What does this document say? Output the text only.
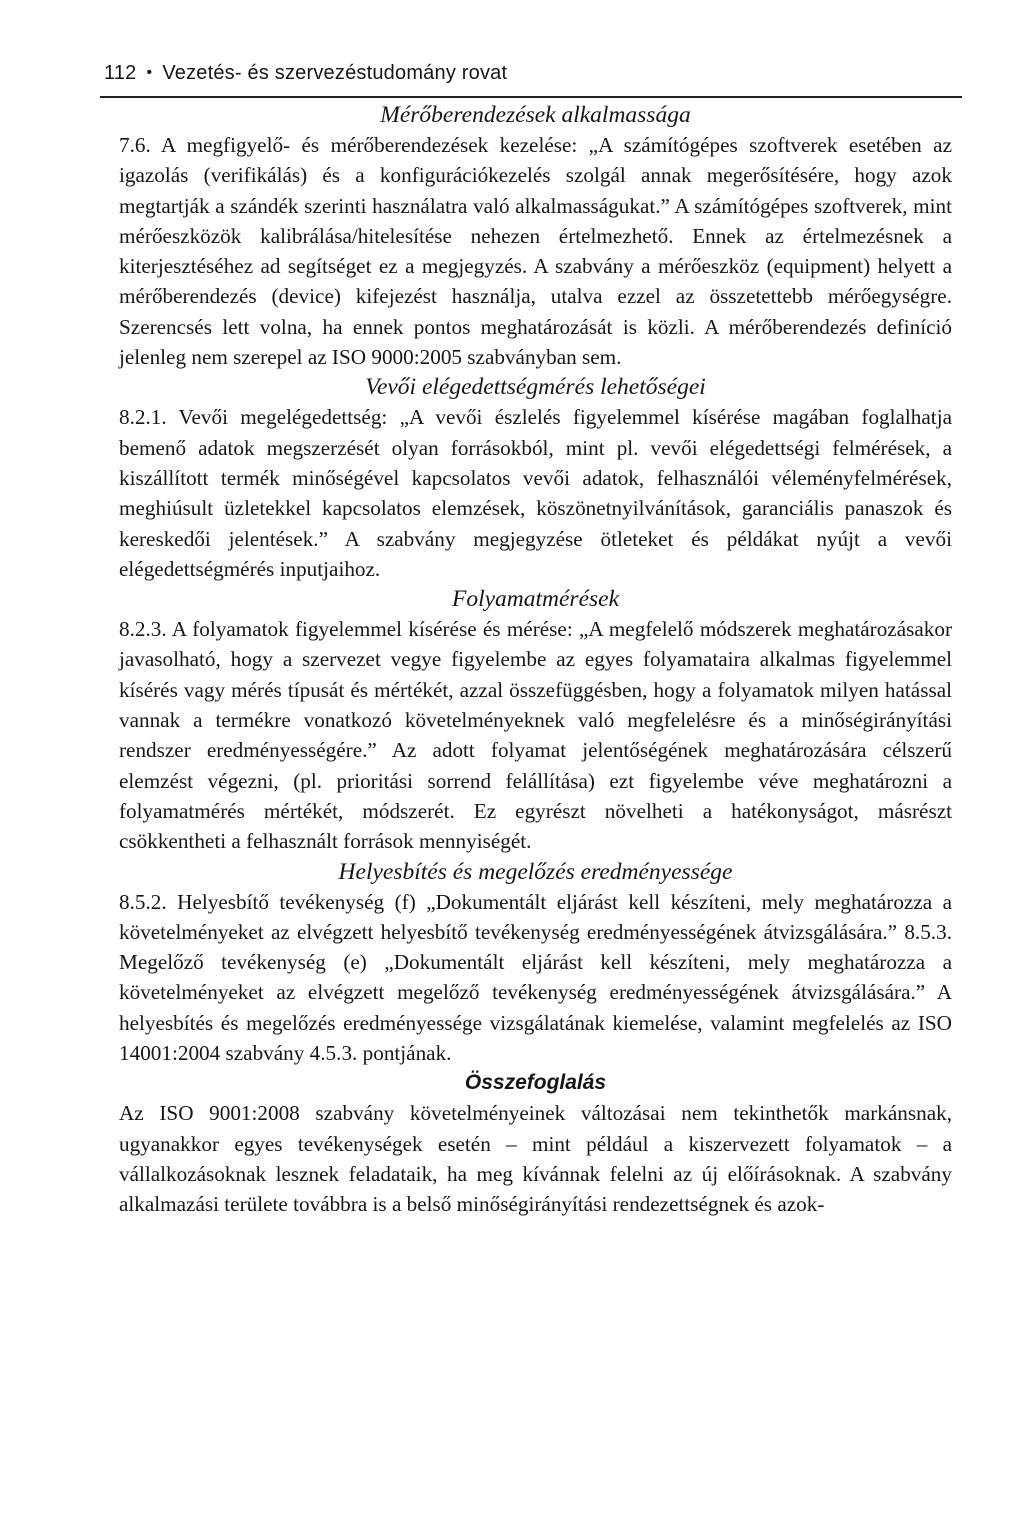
112 • Vezetés- és szervezéstudomány rovat
Mérőberendezések alkalmassága

7.6. A megfigyelő- és mérőberendezések kezelése: „A számítógépes szoftverek esetében az igazolás (verifikálás) és a konfigurációkezelés szolgál annak megerősítésére, hogy azok megtartják a szándék szerinti használatra való alkalmasságukat.” A számítógépes szoftverek, mint mérőeszközök kalibrálása/hitelesítése nehezen értelmezhető. Ennek az értelmezésnek a kiterjesztéséhez ad segítséget ez a megjegyzés. A szabvány a mérőeszköz (equipment) helyett a mérőberendezés (device) kifejezést használja, utalva ezzel az összetettebb mérőegységre. Szerencsés lett volna, ha ennek pontos meghatározását is közli. A mérőberendezés definíció jelenleg nem szerepel az ISO 9000:2005 szabványban sem.

Vevői elégedettségmérés lehetőségei

8.2.1. Vevői megelégedettség: „A vevői észlelés figyelemmel kísérése magában foglalhatja bemenő adatok megszerzését olyan forrásokból, mint pl. vevői elégedettségi felmérések, a kiszállított termék minőségével kapcsolatos vevői adatok, felhasználói véleményfelmérések, meghiúsult üzletekkel kapcsolatos elemzések, köszönetnyilvánítások, garanciális panaszok és kereskedői jelentések.” A szabvány megjegyzése ötleteket és példákat nyújt a vevői elégedettségmérés inputjaihoz.

Folyamatmérések

8.2.3. A folyamatok figyelemmel kísérése és mérése: „A megfelelő módszerek meghatározásakor javasolható, hogy a szervezet vegye figyelembe az egyes folyamataira alkalmas figyelemmel kísérés vagy mérés típusát és mértékét, azzal összefüggésben, hogy a folyamatok milyen hatással vannak a termékre vonatkozó követelményeknek való megfelelésre és a minőségirányítási rendszer eredményességére.” Az adott folyamat jelentőségének meghatározására célszerű elemzést végezni, (pl. prioritási sorrend felállítása) ezt figyelembe véve meghatározni a folyamatmérés mértékét, módszerét. Ez egyrészt növelheti a hatékonyságot, másrészt csökkentheti a felhasznált források mennyiségét.

Helyesbítés és megelőzés eredményessége

8.5.2. Helyesbítő tevékenység (f) „Dokumentált eljárást kell készíteni, mely meghatározza a követelményeket az elvégzett helyesbítő tevékenység eredményességének átvizsgálására.” 8.5.3. Megelőző tevékenység (e) „Dokumentált eljárást kell készíteni, mely meghatározza a követelményeket az elvégzett megelőző tevékenység eredményességének átvizsgálására.” A helyesbítés és megelőzés eredményessége vizsgálatának kiemelése, valamint megfelelés az ISO 14001:2004 szabvány 4.5.3. pontjának.

Összefoglalás

Az ISO 9001:2008 szabvány követelményeinek változásai nem tekinthetők markánsnak, ugyanakkor egyes tevékenységek esetén – mint például a kiszervezett folyamatok – a vállalkozásoknak lesznek feladataik, ha meg kívánnak felelni az új előírásoknak. A szabvány alkalmazási területe továbbra is a belső minőségirányítási rendezettségnek és azok-
